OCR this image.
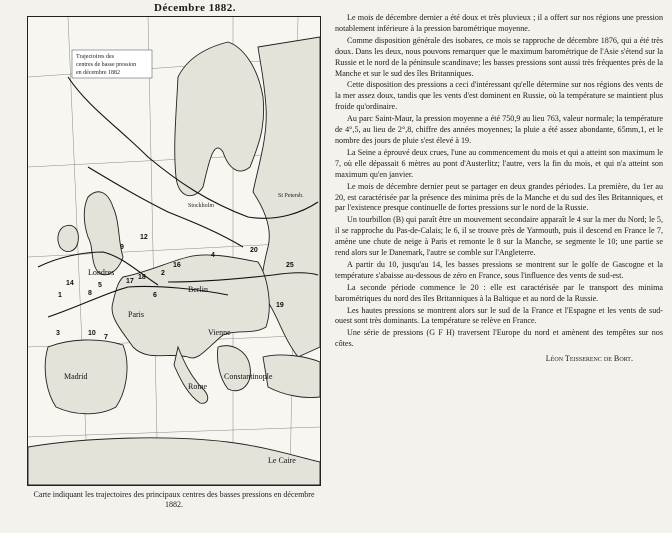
Décembre 1882.
Trajectoires des
centres de basse pression
en décembre 1882
Londres
Paris
Berlin
Vienne
Madrid
Rome
Constantinople
Le Caire
Stockholm
St Petersb.
9
12
8
17
14	5
6
2
4
20
10
7
25
19
1
18
16
3
Carte indiquant les trajectoires des principaux centres des basses pressions en décembre 1882.

Le mois de décembre dernier a été doux et très pluvieux ; il a offert sur nos régions une pression notablement inférieure à la pression barométrique moyenne.

Comme disposition générale des isobares, ce mois se rapproche de décembre 1876, qui a été très doux. Dans les deux, nous pouvons remarquer que le maximum barométrique de l'Asie s'étend sur la Russie et le nord de la péninsule scandinave; les basses pressions sont aussi très fréquentes près de la Manche et sur le sud des îles Britanniques.

Cette disposition des pressions a ceci d'intéressant qu'elle détermine sur nos régions des vents de la mer assez doux, tandis que les vents d'est dominent en Russie, où la température se maintient plus froide qu'ordinaire.

Au parc Saint-Maur, la pression moyenne a été 750,9 au lieu 763, valeur normale; la température de 4°,5, au lieu de 2°,8, chiffre des années moyennes; la pluie a été assez abondante, 65mm,1, et le nombre des jours de pluie s'est élevé à 19.

La Seine a éprouvé deux crues, l'une au commencement du mois et qui a atteint son maximum le 7, où elle dépassait 6 mètres au pont d'Austerlitz; l'autre, vers la fin du mois, et qui n'a atteint son maximum qu'en janvier.

Le mois de décembre dernier peut se partager en deux grandes périodes. La première, du 1er au 20, est caractérisée par la présence des minima près de la Manche et du sud des îles Britanniques, et par l'existence presque continuelle de fortes pressions sur le nord de la Russie.

Un tourbillon (B) qui paraît être un mouvement secondaire apparaît le 4 sur la mer du Nord; le 5, il se rapproche du Pas-de-Calais; le 6, il se trouve près de Yarmouth, puis il descend en France le 7, amène une chute de neige à Paris et remonte le 8 sur la Manche, se segmente le 10; une partie se rend alors sur le Danemark, l'autre se comble sur l'Angleterre.

A partir du 10, jusqu'au 14, les basses pressions se montrent sur le golfe de Gascogne et la température s'abaisse au-dessous de zéro en France, sous l'influence des vents de sud-est.

La seconde période commence le 20 : elle est caractérisée par le transport des minima barométriques du nord des îles Britanniques à la Baltique et au nord de la Russie.

Les hautes pressions se montrent alors sur le sud de la France et l'Espagne et les vents de sud-ouest sont très dominants. La température se relève en France.

Une série de pressions (G F H) traversent l'Europe du nord et amènent des tempêtes sur nos côtes.

Léon Teisserenc de Bort.
